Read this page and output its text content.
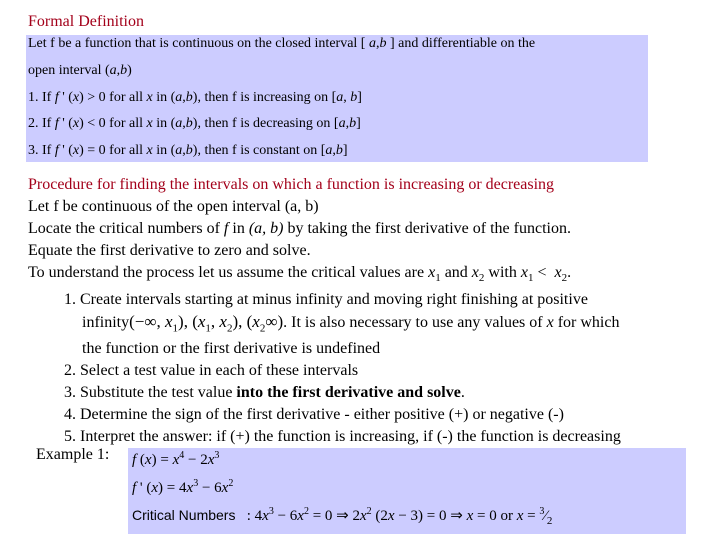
Formal Definition
Let f be a function that is continuous on the closed interval [ a,b ] and differentiable on the
open interval (a,b)
1. If f ' (x) > 0 for all x in (a,b), then f is increasing on [a, b]
2. If f ' (x) < 0 for all x in (a,b), then f is decreasing on [a,b]
3. If f ' (x) = 0 for all x in (a,b), then f is constant on [a,b]

Procedure for finding the intervals on which a function is increasing or decreasing

Let f be continuous of the open interval (a, b)

Locate the critical numbers of f in (a, b) by taking the first derivative of the function.

Equate the first derivative to zero and solve.

To understand the process let us assume the critical values are $x_1$ and $x_2$ with $x_1 < x_2$.

1. Create intervals starting at minus infinity and moving right finishing at positive
infinity(−∞, $x_1$), ($x_1$, $x_2$), $(x_2\infty)$. It is also necessary to use any values of x for which
the function or the first derivative is undefined
2. Select a test value in each of these intervals
3. Substitute the test value into the first derivative and solve.
4. Determine the sign of the first derivative - either positive (+) or negative (-)
5. Interpret the answer: if (+) the function is increasing, if (-) the function is decreasing
Example 1: f $(x) = x^4 - 2x^3$
f ' $(x) = 4x^3 - 6x^2$
Critical Numbers   : $4x^3 - 6x^2 = 0$ ⇒ $2x^2$ (2x − 3) = 0 ⇒ x = 0 or $x = ^3⁄_2$
